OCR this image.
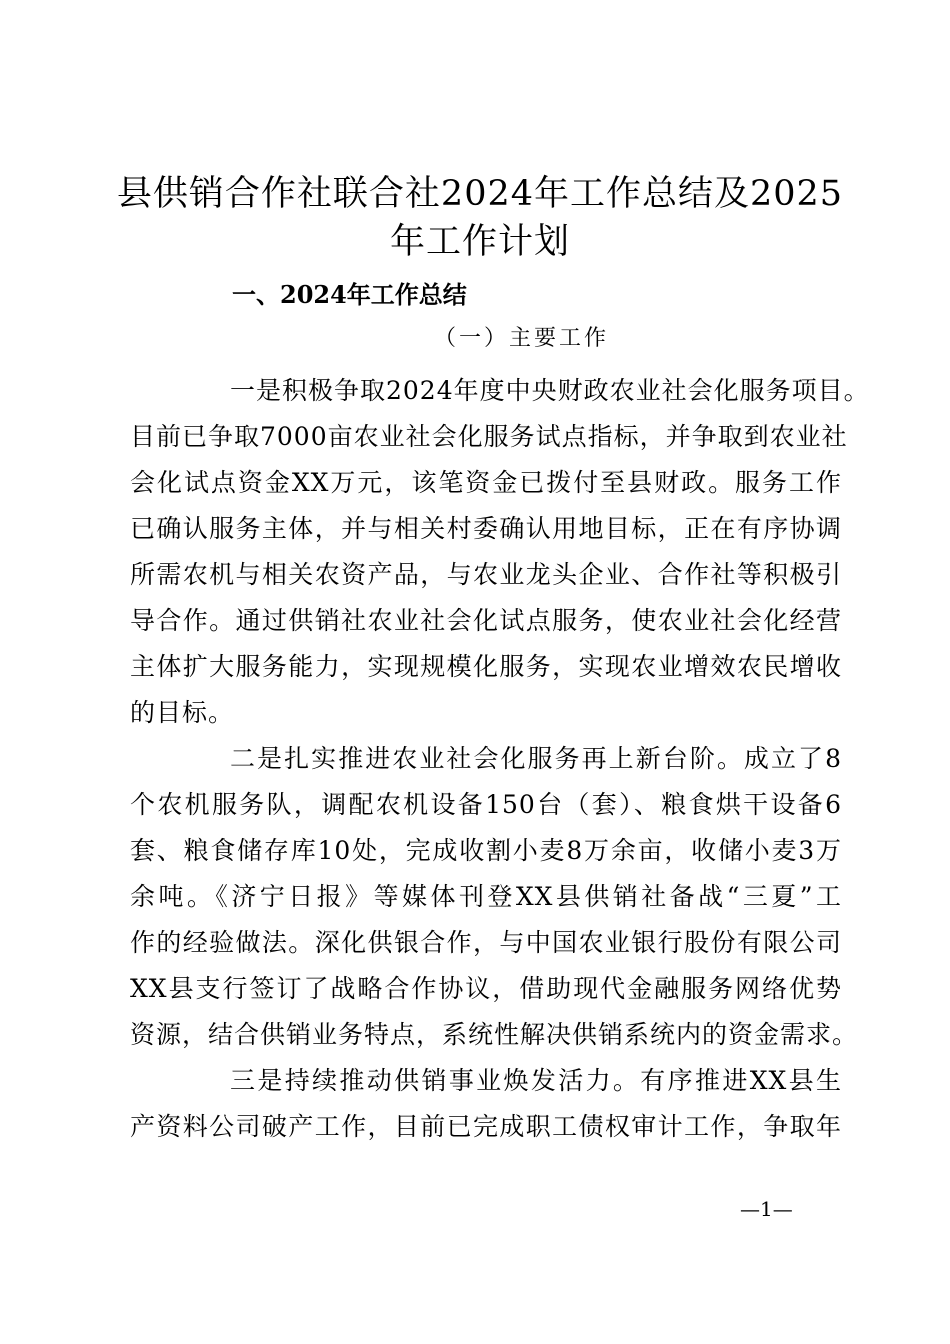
县供销合作社联合社2024年工作总结及2025
年工作计划
一、2024年工作总结
（一）主要工作
一是积极争取2024年度中央财政农业社会化服务项目。
目前已争取7000亩农业社会化服务试点指标，并争取到农业社
会化试点资金XX万元，该笔资金已拨付至县财政。服务工作
已确认服务主体，并与相关村委确认用地目标，正在有序协调
所需农机与相关农资产品，与农业龙头企业、合作社等积极引
导合作。通过供销社农业社会化试点服务，使农业社会化经营
主体扩大服务能力，实现规模化服务，实现农业增效农民增收
的目标。
二是扎实推进农业社会化服务再上新台阶。成立了8
个农机服务队，调配农机设备150台（套）、粮食烘干设备6
套、粮食储存库10处，完成收割小麦8万余亩，收储小麦3万
余吨。《济宁日报》等媒体刊登XX县供销社备战“三夏”工
作的经验做法。深化供银合作，与中国农业银行股份有限公司
XX县支行签订了战略合作协议，借助现代金融服务网络优势
资源，结合供销业务特点，系统性解决供销系统内的资金需求。
三是持续推动供销事业焕发活力。有序推进XX县生
产资料公司破产工作，目前已完成职工债权审计工作，争取年
—1—
